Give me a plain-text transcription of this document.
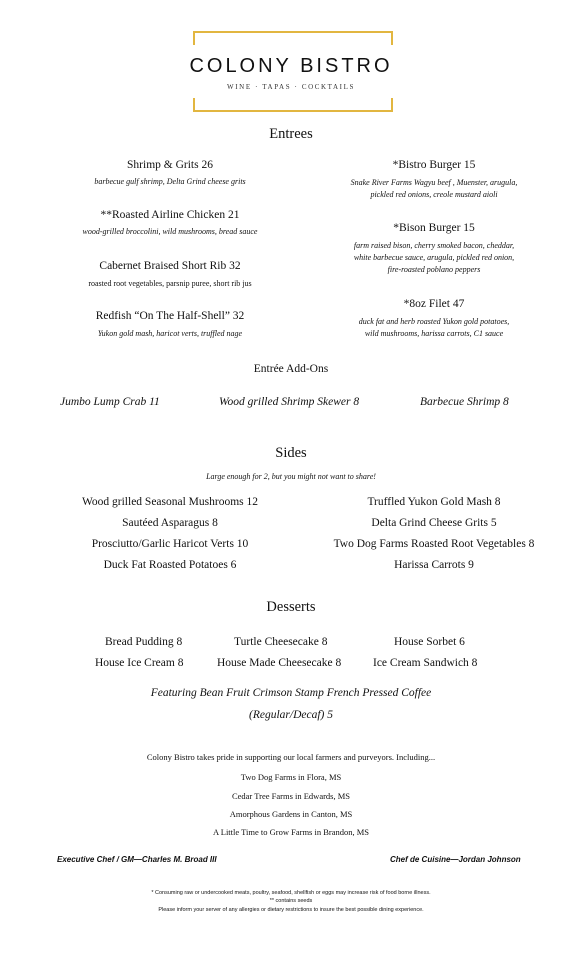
COLONY BISTRO
WINE · TAPAS · COCKTAILS
Entrees
Shrimp & Grits 26
barbecue gulf shrimp, Delta Grind cheese grits
**Roasted Airline Chicken 21
wood-grilled broccolini, wild mushrooms, bread sauce
Cabernet Braised Short Rib 32
roasted root vegetables, parsnip puree, short rib jus
Redfish “On The Half-Shell” 32
Yukon gold mash, haricot verts, truffled nage
*Bistro Burger 15
Snake River Farms Wagyu beef , Muenster, arugula,
pickled red onions, creole mustard aioli
*Bison Burger 15
farm raised bison, cherry smoked bacon, cheddar,
white barbecue sauce, arugula, pickled red onion,
fire-roasted poblano peppers
*8oz Filet 47
duck fat and herb roasted Yukon gold potatoes,
wild mushrooms, harissa carrots, C1 sauce
Entrée Add-Ons
Jumbo Lump Crab 11	Wood grilled Shrimp Skewer 8	Barbecue Shrimp 8
Sides
Large enough for 2, but you might not want to share!
Wood grilled Seasonal Mushrooms 12
Sautéed Asparagus 8
Prosciutto/Garlic Haricot Verts 10
Duck Fat Roasted Potatoes 6
Truffled Yukon Gold Mash 8
Delta Grind Cheese Grits 5
Two Dog Farms Roasted Root Vegetables 8
Harissa Carrots 9
Desserts
Bread Pudding 8	Turtle Cheesecake 8	House Sorbet 6
House Ice Cream 8	House Made Cheesecake 8	Ice Cream Sandwich 8
Featuring Bean Fruit Crimson Stamp French Pressed Coffee
(Regular/Decaf) 5
Colony Bistro takes pride in supporting our local farmers and purveyors. Including...
Two Dog Farms in Flora, MS
Cedar Tree Farms in Edwards, MS
Amorphous Gardens in Canton, MS
A Little Time to Grow Farms in Brandon, MS
Executive Chef / GM—Charles M. Broad III	Chef de Cuisine—Jordan Johnson
* Consuming raw or undercooked meats, poultry, seafood, shellfish or eggs may increase risk of food borne illness.
** contains seeds
Please inform your server of any allergies or dietary restrictions to insure the best possible dining experience.
